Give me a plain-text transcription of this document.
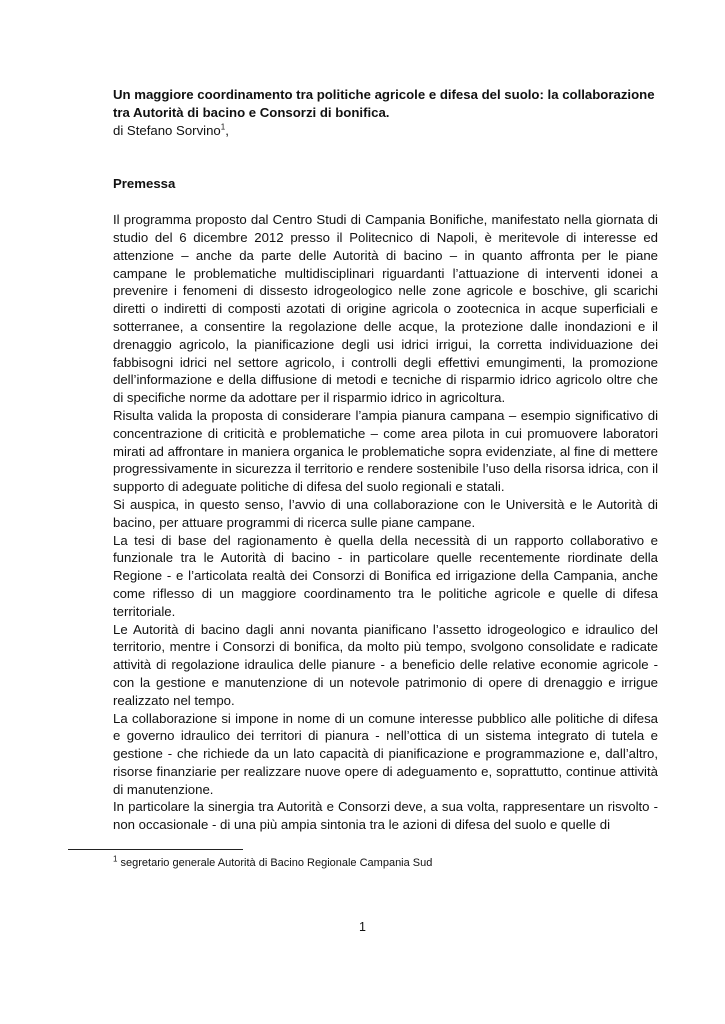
Un maggiore coordinamento tra politiche agricole e difesa del suolo: la collaborazione tra Autorità di bacino e Consorzi di bonifica.

di Stefano Sorvino$^1$,

Premessa

Il programma proposto dal Centro Studi di Campania Bonifiche, manifestato nella giornata di studio del 6 dicembre 2012 presso il Politecnico di Napoli, è meritevole di interesse ed attenzione – anche da parte delle Autorità di bacino – in quanto affronta per le piane campane le problematiche multidisciplinari riguardanti l’attuazione di interventi idonei a prevenire i fenomeni di dissesto idrogeologico nelle zone agricole e boschive, gli scarichi diretti o indiretti di composti azotati di origine agricola o zootecnica in acque superficiali e sotterranee, a consentire la regolazione delle acque, la protezione dalle inondazioni e il drenaggio agricolo, la pianificazione degli usi idrici irrigui, la corretta individuazione dei fabbisogni idrici nel settore agricolo, i controlli degli effettivi emungimenti, la promozione dell’informazione e della diffusione di metodi e tecniche di risparmio idrico agricolo oltre che di specifiche norme da adottare per il risparmio idrico in agricoltura.

Risulta valida la proposta di considerare l’ampia pianura campana – esempio significativo di concentrazione di criticità e problematiche – come area pilota in cui promuovere laboratori mirati ad affrontare in maniera organica le problematiche sopra evidenziate, al fine di mettere progressivamente in sicurezza il territorio e rendere sostenibile l’uso della risorsa idrica, con il supporto di adeguate politiche di difesa del suolo regionali e statali.

Si auspica, in questo senso, l’avvio di una collaborazione con le Università e le Autorità di bacino, per attuare programmi di ricerca sulle piane campane.

La tesi di base del ragionamento è quella della necessità di un rapporto collaborativo e funzionale tra le Autorità di bacino - in particolare quelle recentemente riordinate della Regione - e l’articolata realtà dei Consorzi di Bonifica ed irrigazione della Campania, anche come riflesso di un maggiore coordinamento tra le politiche agricole e quelle di difesa territoriale.

Le Autorità di bacino dagli anni novanta pianificano l’assetto idrogeologico e idraulico del territorio, mentre i Consorzi di bonifica, da molto più tempo, svolgono consolidate e radicate attività di regolazione idraulica delle pianure - a beneficio delle relative economie agricole - con la gestione e manutenzione di un notevole patrimonio di opere di drenaggio e irrigue realizzato nel tempo.

La collaborazione si impone in nome di un comune interesse pubblico alle politiche di difesa e governo idraulico dei territori di pianura - nell’ottica di un sistema integrato di tutela e gestione - che richiede da un lato capacità di pianificazione e programmazione e, dall’altro, risorse finanziarie per realizzare nuove opere di adeguamento e, soprattutto, continue attività di manutenzione.

In particolare la sinergia tra Autorità e Consorzi deve, a sua volta, rappresentare un risvolto - non occasionale - di una più ampia sintonia tra le azioni di difesa del suolo e quelle di

$^1$ segretario generale Autorità di Bacino Regionale Campania Sud

1
